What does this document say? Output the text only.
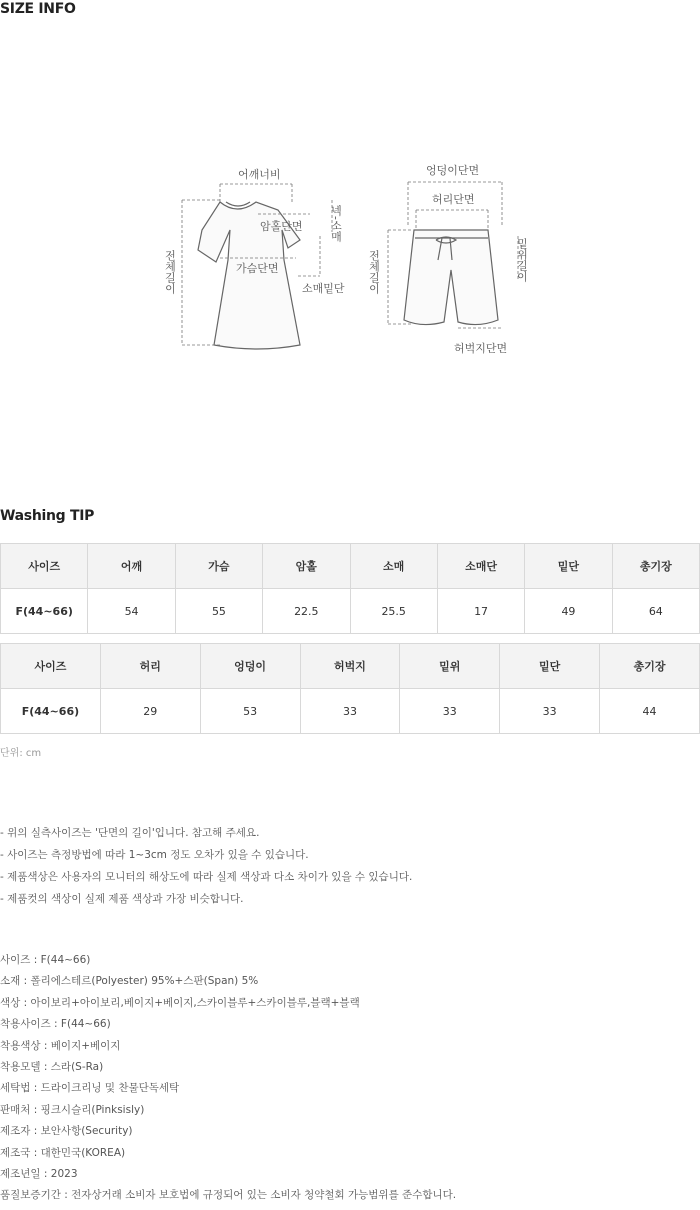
SIZE INFO
어깨너비
암홀단면 넥-소매
가슴단면
소매밑단
전체길이
엉덩이단면
허리단면
밑위길이
전체길이
허벅지단면
Washing TIP
사이즈	어깨	가슴	암홀	소매	소매단	밑단	총기장
F(44~66)	54	55	22.5	25.5	17	49	64
사이즈	허리	엉덩이	허벅지	밑위	밑단	총기장
F(44~66)	29	53	33	33	33	44
단위: cm
- 위의 실측사이즈는 '단면의 길이'입니다. 참고해 주세요.
- 사이즈는 측정방법에 따라 1~3cm 정도 오차가 있을 수 있습니다.
- 제품색상은 사용자의 모니터의 해상도에 따라 실제 색상과 다소 차이가 있을 수 있습니다.
- 제품컷의 색상이 실제 제품 색상과 가장 비슷합니다.
사이즈 : F(44~66)
소재 : 폴리에스테르(Polyester) 95%+스판(Span) 5%
색상 : 아이보리+아이보리,베이지+베이지,스카이블루+스카이블루,블랙+블랙
착용사이즈 : F(44~66)
착용색상 : 베이지+베이지
착용모델 : 스라(S-Ra)
세탁법 : 드라이크리닝 및 찬물단독세탁
판매처 : 핑크시슬리(Pinksisly)
제조자 : 보안사항(Security)
제조국 : 대한민국(KOREA)
제조년일 : 2023
품질보증기간 : 전자상거래 소비자 보호법에 규정되어 있는 소비자 청약철회 가능범위를 준수합니다.
